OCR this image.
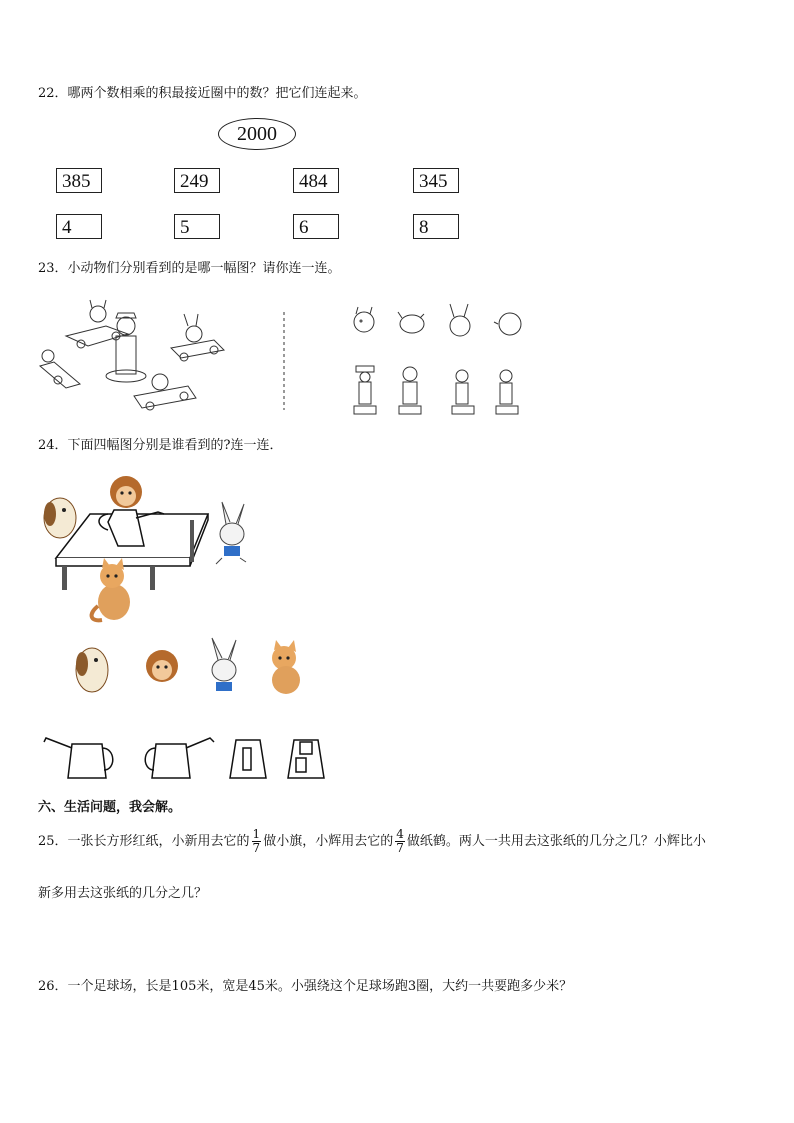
22．哪两个数相乘的积最接近圈中的数？把它们连起来。
2000
385	249	484	345
4	5	6	8
23．小动物们分别看到的是哪一幅图？请你连一连。
24．下面四幅图分别是谁看到的?连一连．
六、生活问题，我会解。
25．一张长方形红纸，小新用去它的 $\frac{1}{7}$ 做小旗，小辉用去它的 $\frac{4}{7}$ 做纸鹤。两人一共用去这张纸的几分之几？小辉比小
新多用去这张纸的几分之几？
26．一个足球场，长是105米，宽是45米。小强绕这个足球场跑3圈，大约一共要跑多少米？
